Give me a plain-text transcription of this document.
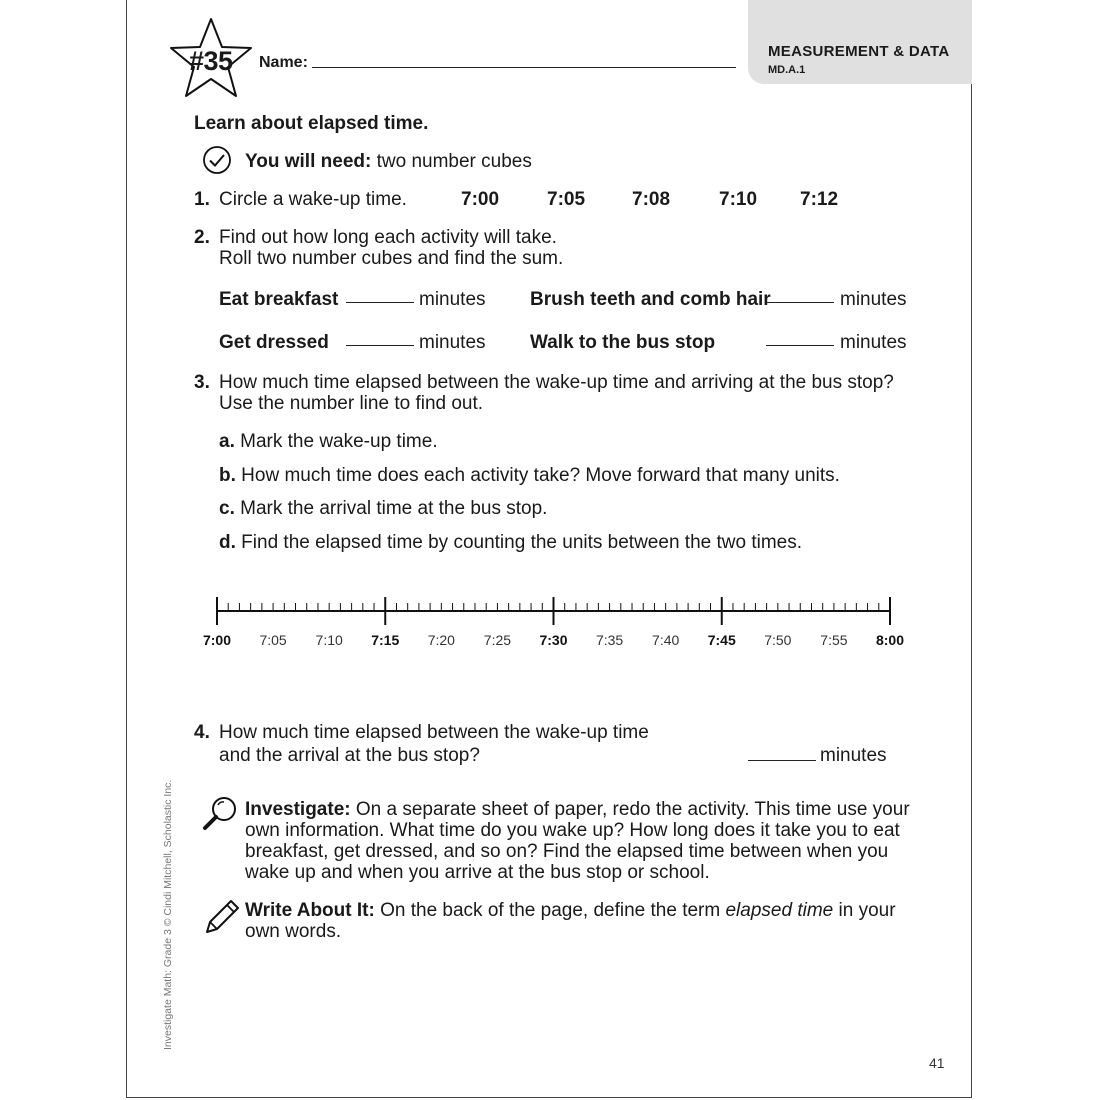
MEASUREMENT & DATA
MD.A.1
#35 Name:
Learn about elapsed time.
You will need: two number cubes
1. Circle a wake-up time.	7:00	7:05 7:08	7:10 7:12
2. Find out how long each activity will take.
Roll two number cubes and find the sum.
Eat breakfast	minutes Brush teeth and comb hair	minutes
Get dressed	minutes Walk to the bus stop	minutes
3. How much time elapsed between the wake-up time and arriving at the bus stop?
Use the number line to find out.
a. Mark the wake-up time.
b. How much time does each activity take? Move forward that many units.
c. Mark the arrival time at the bus stop.
d. Find the elapsed time by counting the units between the two times.
7:00 7:05 7:10 7:15 7:20 7:25 7:30 7:35 7:40 7:45 7:50 7:55 8:00
4. How much time elapsed between the wake-up time
and the arrival at the bus stop?	minutes
Investigate: On a separate sheet of paper, redo the activity. This time use your
own information. What time do you wake up? How long does it take you to eat
breakfast, get dressed, and so on? Find the elapsed time between when you
wake up and when you arrive at the bus stop or school.
Write About It: On the back of the page, define the term elapsed time in your
own words.
Investigate Math: Grade 3 © Cindi Mitchell, Scholastic Inc.
41
